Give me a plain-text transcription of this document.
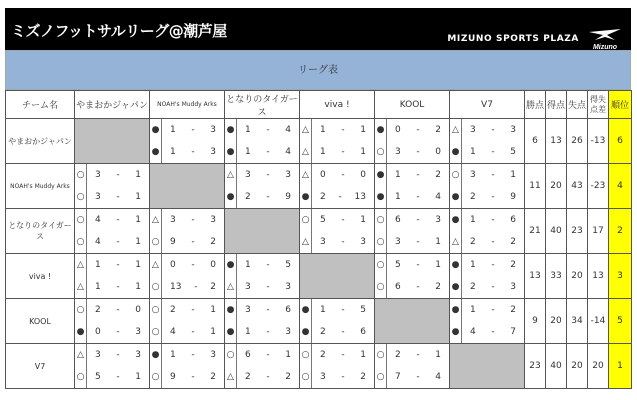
ミズノフットサルリーグ@潮芦屋	MIZUNO SPORTS PLAZA
Mizuno
リーグ表
チーム名	やまおかジャパン		NOAH's Muddy Arks		となりのタイガース		viva !		KOOL		V7		勝点	得点	失点	得失点差	順位
やまおかジャパン			●	1 - 3	●	1 - 4	△	1 - 1	●	0 - 2	△	3 - 3	6	13	26	-13	6
			●	1 - 3	●	1 - 4	△	1 - 1	○	3 - 0	●	1 - 5					

NOAH's Muddy Arks	○	3 - 1			△	3 - 3	△	0 - 0	●	1 - 2	○	3 - 1	11	20	43	-23	4
	○	3 - 1			●	2 - 9	●	2 - 13	●	1 - 4	●	2 - 9					

となりのタイガース	○	4 - 1	△	3 - 3			○	5 - 1	○	6 - 3	●	1 - 6	21	40	23	17	2
	○	4 - 1	○	9 - 2			△	3 - 3	○	3 - 1	△	2 - 2					

viva !	△	1 - 1	△	0 - 0	●	1 - 5			○	5 - 1	●	1 - 2	13	33	20	13	3
	△	1 - 1	○	13 - 2	△	3 - 3			○	6 - 2	●	2 - 3					

KOOL	○	2 - 0	○	2 - 1	●	3 - 6	●	1 - 5			●	1 - 2	9	20	34	-14	5
	●	0 - 3	○	4 - 1	●	1 - 3	●	2 - 6			●	4 - 7					

V7	△	3 - 3	●	1 - 3	○	6 - 1	○	2 - 1	○	2 - 1			23	40	20	20	1
	○	5 - 1	○	9 - 2	△	2 - 2	○	3 - 2	○	7 - 4							
